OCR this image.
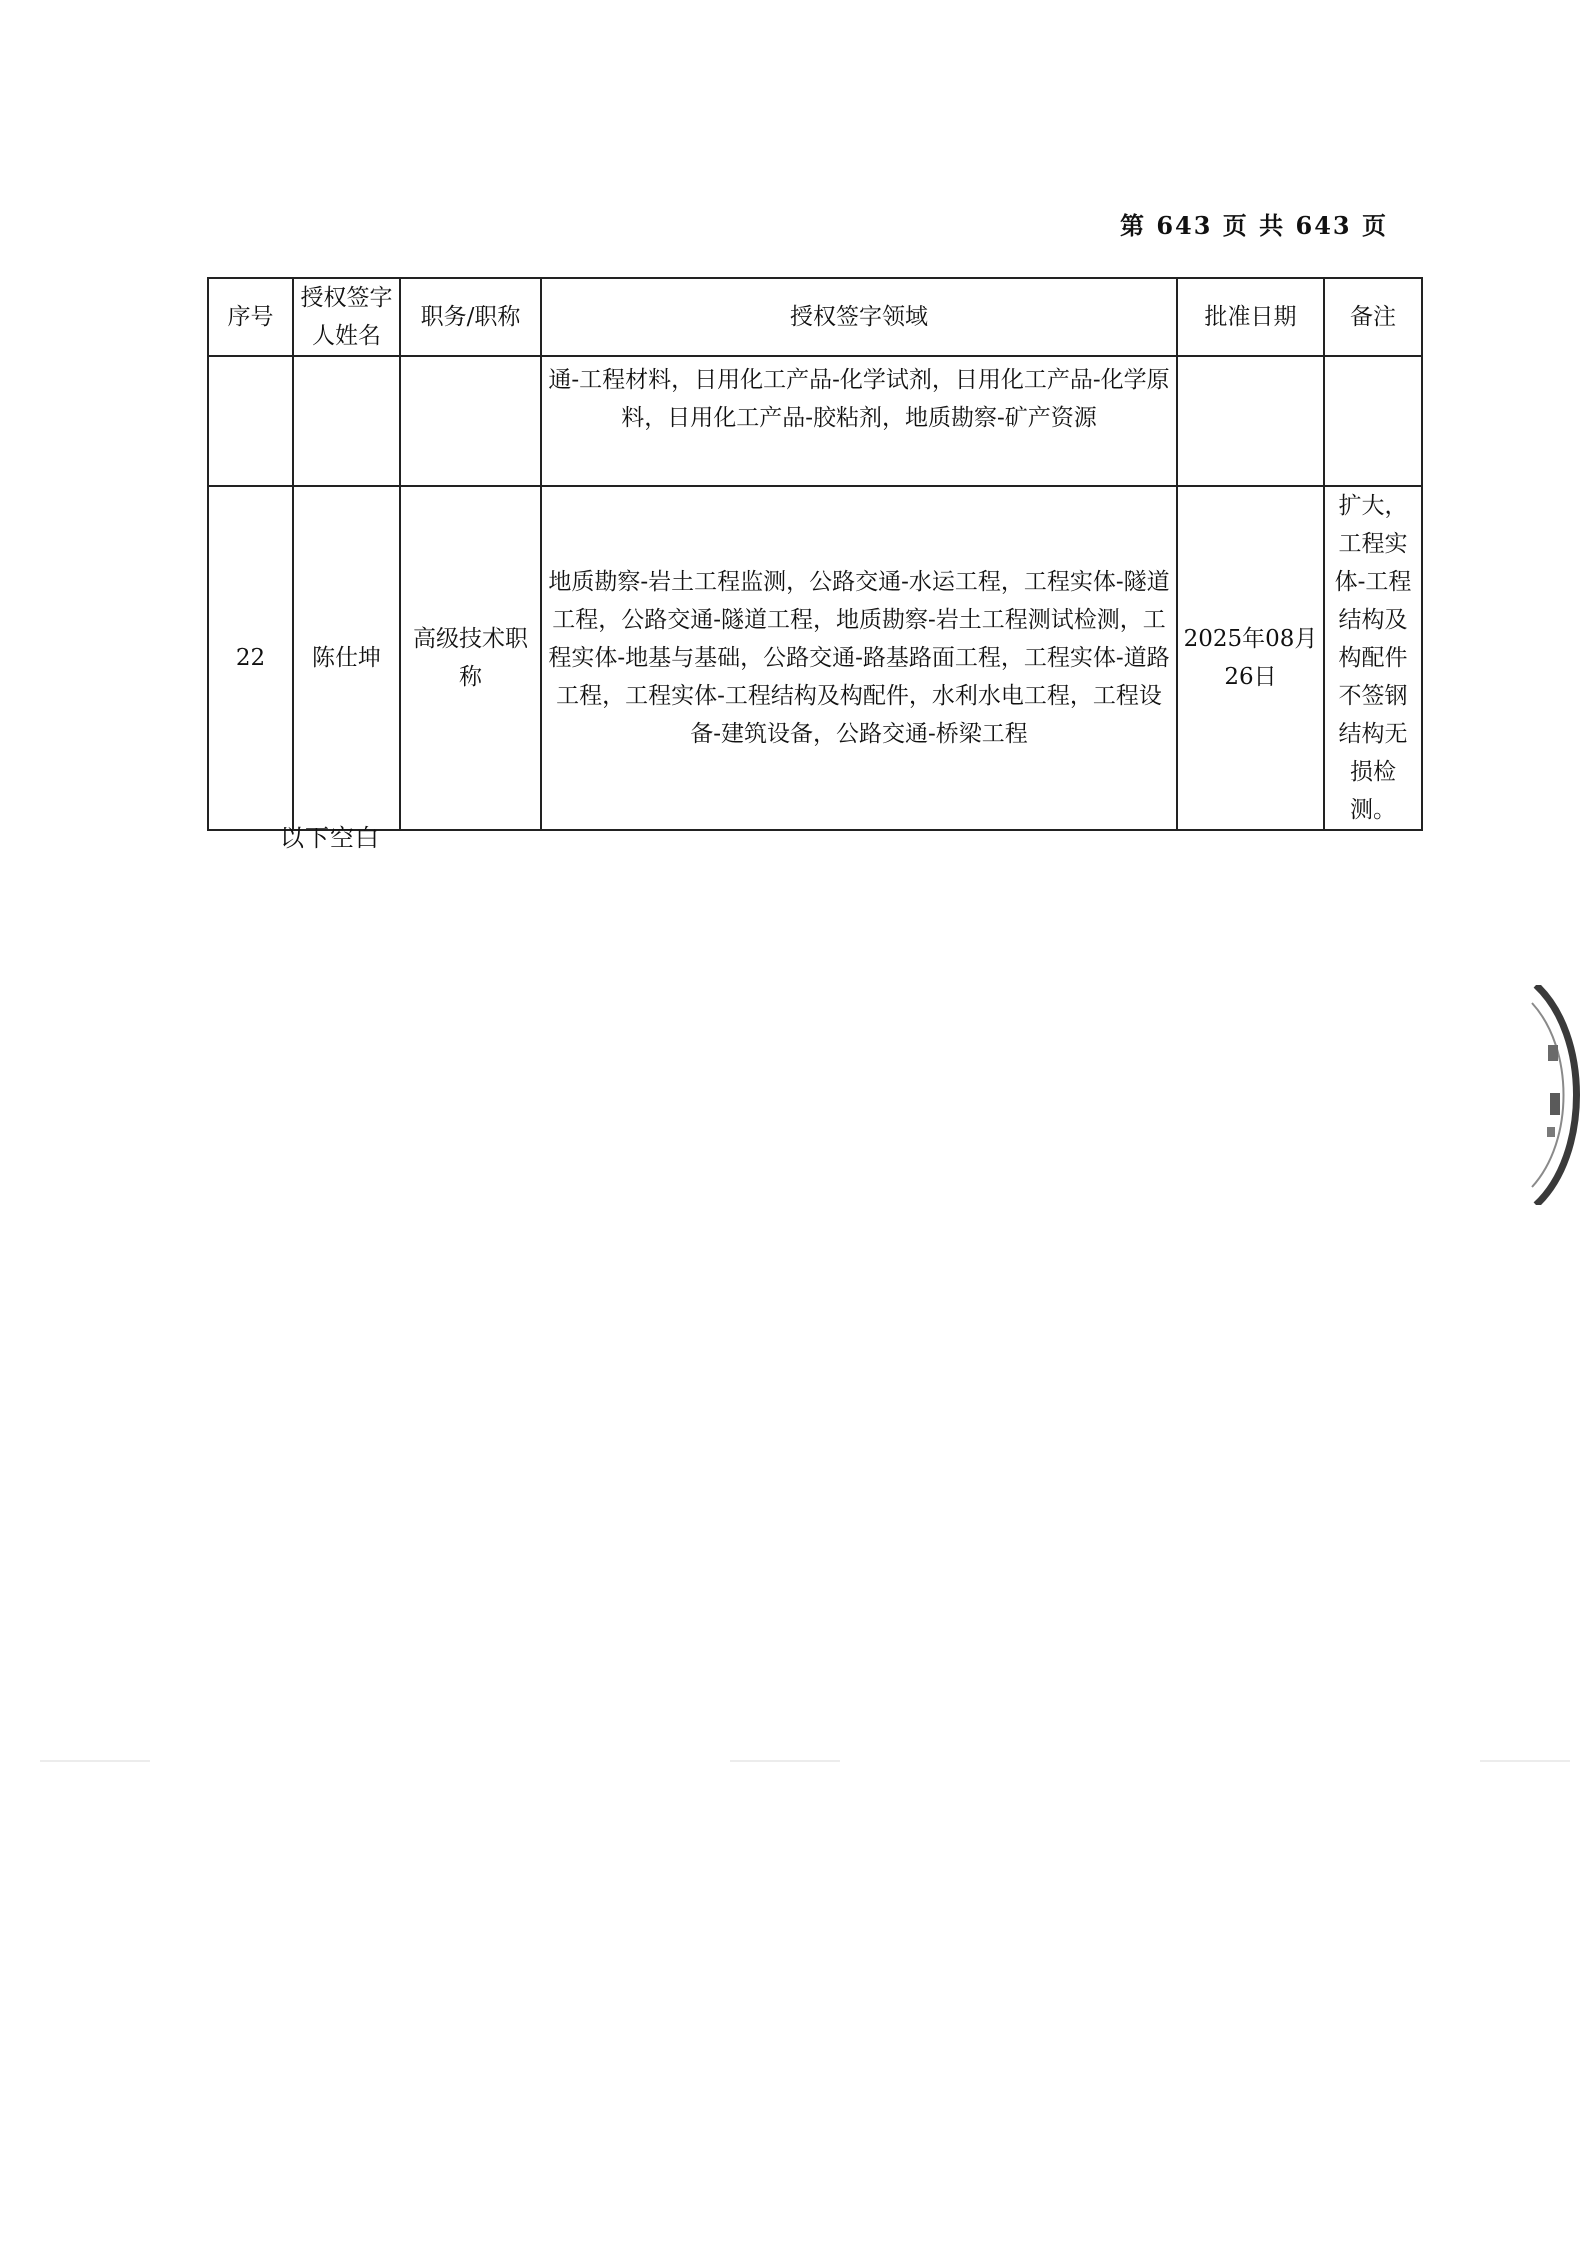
第 643 页 共 643 页
序号	授权签字人姓名	职务/职称	授权签字领域	批准日期	备注
			通-工程材料，日用化工产品-化学试剂，日用化工产品-化学原料，日用化工产品-胶粘剂，地质勘察-矿产资源		
22	陈仕坤	高级技术职称	地质勘察-岩土工程监测，公路交通-水运工程，工程实体-隧道工程，公路交通-隧道工程，地质勘察-岩土工程测试检测，工程实体-地基与基础，公路交通-路基路面工程，工程实体-道路工程，工程实体-工程结构及构配件，水利水电工程，工程设备-建筑设备，公路交通-桥梁工程	2025年08月26日	扩大，工程实体-工程结构及构配件不签钢结构无损检测。
以下空白
